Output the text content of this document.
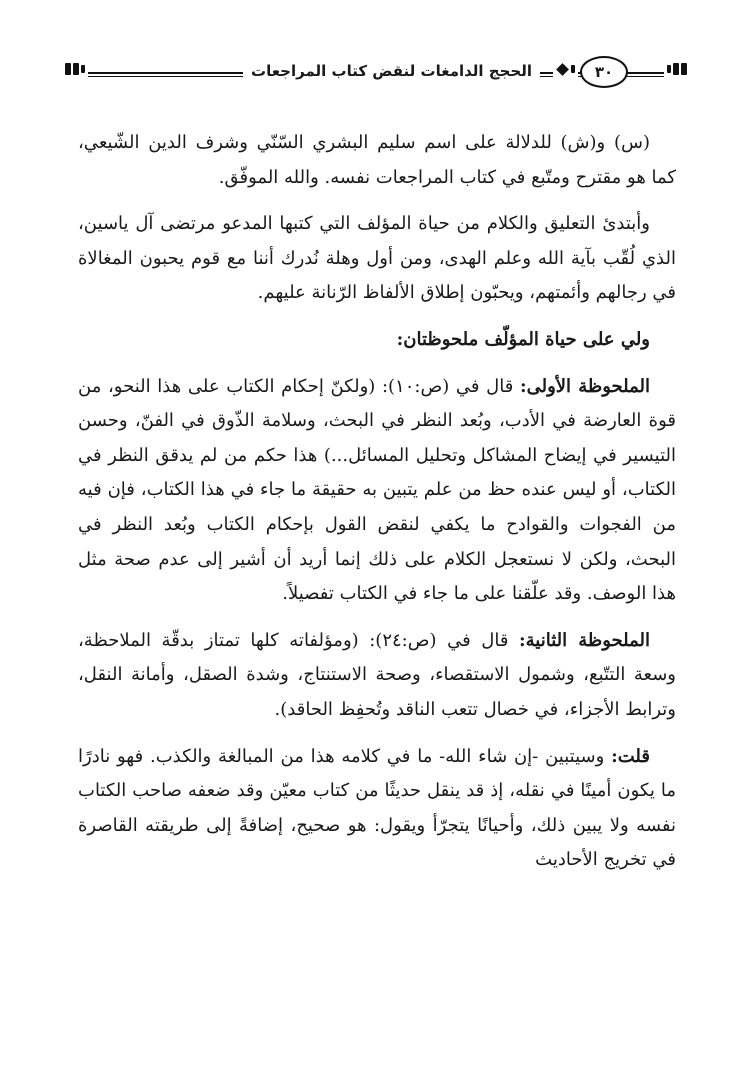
٣٠
الحجج الدامغات لنقض كتاب المراجعات

(س) و(ش) للدلالة على اسم سليم البشري السّنّي وشرف الدين الشّيعي، كما هو مقترح ومتّبع في كتاب المراجعات نفسه. والله الموفّق.

وأبتدئ التعليق والكلام من حياة المؤلف التي كتبها المدعو مرتضى آل ياسين، الذي لُقّب بآية الله وعلم الهدى، ومن أول وهلة نُدرك أننا مع قوم يحبون المغالاة في رجالهم وأئمتهم، ويحبّون إطلاق الألفاظ الرّنانة عليهم.

ولي على حياة المؤلّف ملحوظتان:

الملحوظة الأولى: قال في (ص:١٠): (ولكنّ إحكام الكتاب على هذا النحو، من قوة العارضة في الأدب، وبُعد النظر في البحث، وسلامة الذّوق في الفنّ، وحسن التيسير في إيضاح المشاكل وتحليل المسائل...) هذا حكم من لم يدقق النظر في الكتاب، أو ليس عنده حظ من علم يتبين به حقيقة ما جاء في هذا الكتاب، فإن فيه من الفجوات والقوادح ما يكفي لنقض القول بإحكام الكتاب وبُعد النظر في البحث، ولكن لا نستعجل الكلام على ذلك إنما أريد أن أشير إلى عدم صحة مثل هذا الوصف. وقد علّقنا على ما جاء في الكتاب تفصيلاً.

الملحوظة الثانية: قال في (ص:٢٤): (ومؤلفاته كلها تمتاز بدقّة الملاحظة، وسعة التتّبع، وشمول الاستقصاء، وصحة الاستنتاج، وشدة الصقل، وأمانة النقل، وترابط الأجزاء، في خصال تتعب الناقد وتُحفِظ الحاقد).

قلت: وسيتبين -إن شاء الله- ما في كلامه هذا من المبالغة والكذب. فهو نادرًا ما يكون أمينًا في نقله، إذ قد ينقل حديثًا من كتاب معيّن وقد ضعفه صاحب الكتاب نفسه ولا يبين ذلك، وأحيانًا يتجرّأ ويقول: هو صحيح، إضافةً إلى طريقته القاصرة في تخريج الأحاديث
